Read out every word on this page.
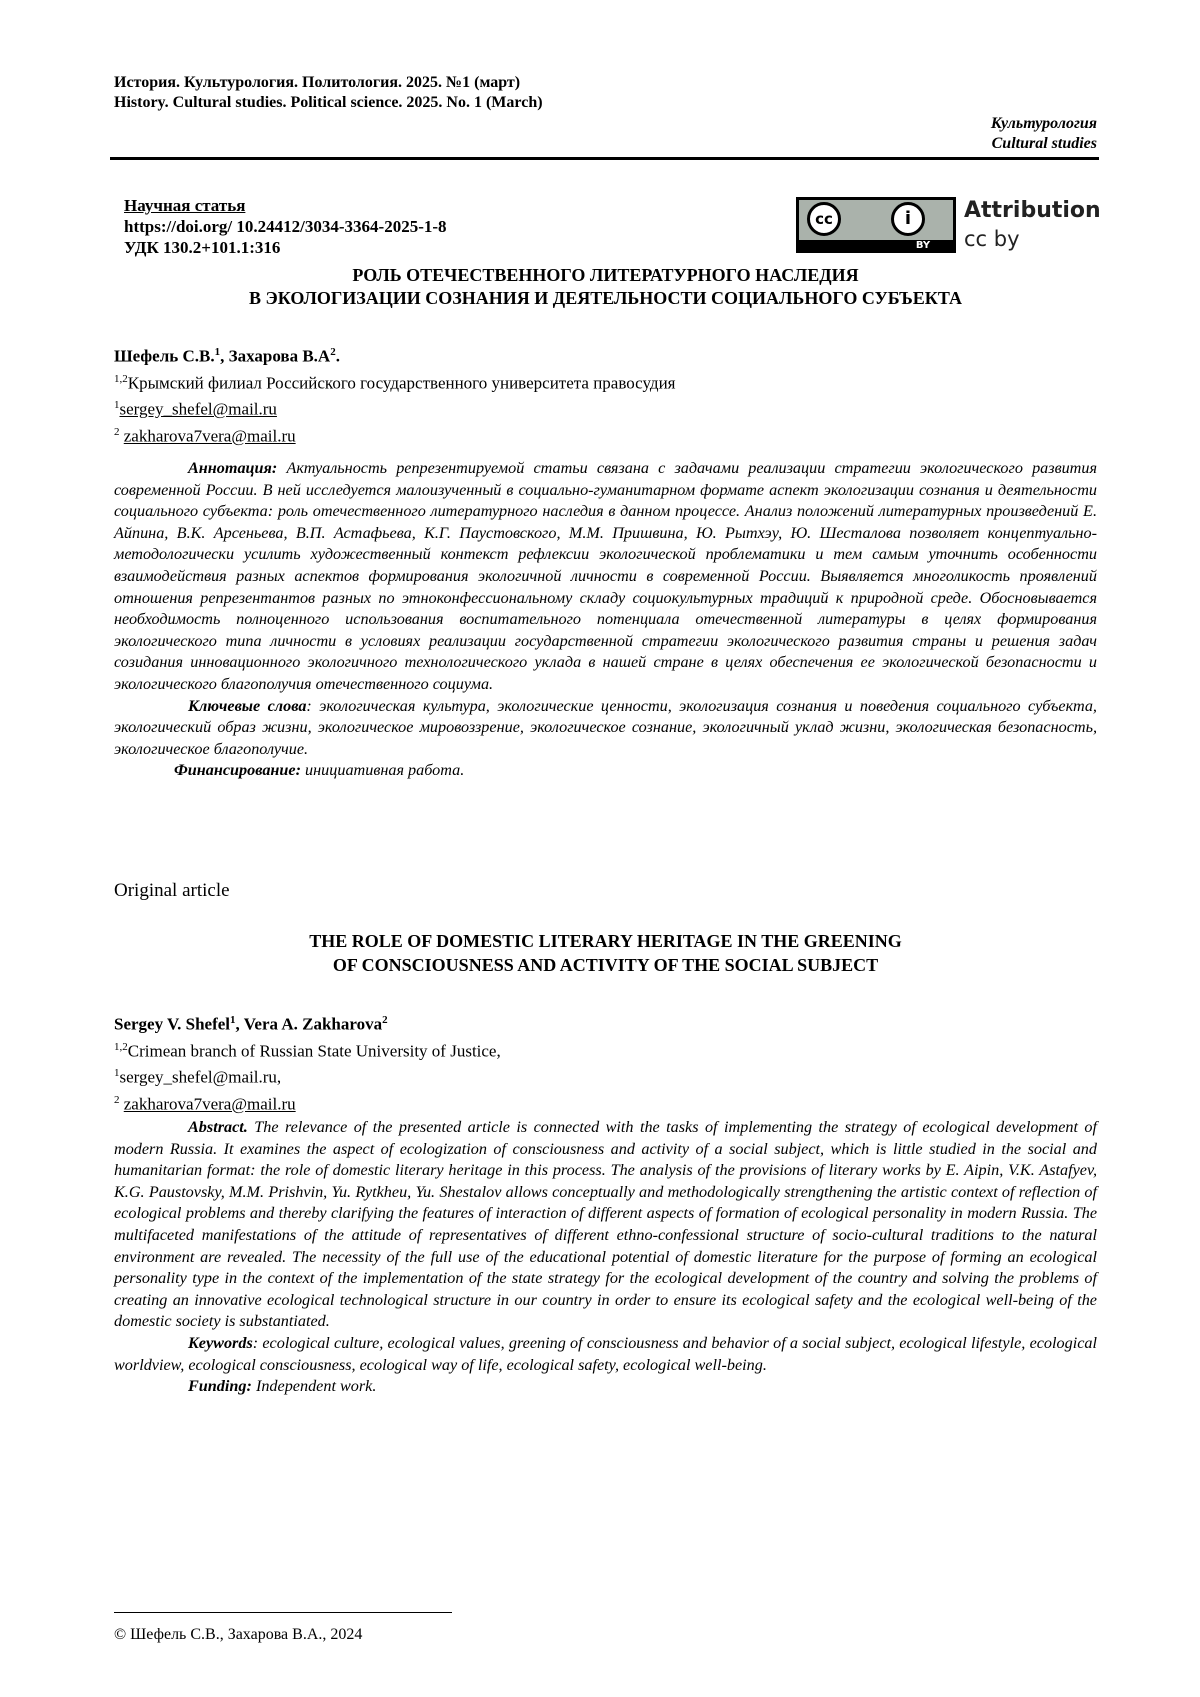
История. Культурология. Политология. 2025. №1 (март)
History. Cultural studies. Political science. 2025. No. 1 (March)
Культурология
Cultural studies
Научная статья
https://doi.org/ 10.24412/3034-3364-2025-1-8
УДК 130.2+101.1:316
cc	i
BY
Attribution
cc by
РОЛЬ ОТЕЧЕСТВЕННОГО ЛИТЕРАТУРНОГО НАСЛЕДИЯ
В ЭКОЛОГИЗАЦИИ СОЗНАНИЯ И ДЕЯТЕЛЬНОСТИ СОЦИАЛЬНОГО СУБЪЕКТА
Шефель С.В.$^1$, Захарова $В.А^2$.
$^{1,2}$Крымский филиал Российского государственного университета правосудия
$^1$sergey_shefel@mail.ru
$^2$ zakharova7vera@mail.ru

Аннотация: Актуальность репрезентируемой статьи связана с задачами реализации стратегии экологического развития современной России. В ней исследуется малоизученный в социально-гуманитарном формате аспект экологизации сознания и деятельности социального субъекта: роль отечественного литературного наследия в данном процессе. Анализ положений литературных произведений Е. Айпина, В.К. Арсеньева, В.П. Астафьева, К.Г. Паустовского, М.М. Пришвина, Ю. Рытхэу, Ю. Шесталова позволяет концептуально-методологически усилить художественный контекст рефлексии экологической проблематики и тем самым уточнить особенности взаимодействия разных аспектов формирования экологичной личности в современной России. Выявляется многоликость проявлений отношения репрезентантов разных по этноконфессиональному складу социокультурных традиций к природной среде. Обосновывается необходимость полноценного использования воспитательного потенциала отечественной литературы в целях формирования экологического типа личности в условиях реализации государственной стратегии экологического развития страны и решения задач созидания инновационного экологичного технологического уклада в нашей стране в целях обеспечения ее экологической безопасности и экологического благополучия отечественного социума.

Ключевые слова: экологическая культура, экологические ценности, экологизация сознания и поведения социального субъекта, экологический образ жизни, экологическое мировоззрение, экологическое сознание, экологичный уклад жизни, экологическая безопасность, экологическое благополучие.

Финансирование: инициативная работа.

Original article
THE ROLE OF DOMESTIC LITERARY HERITAGE IN THE GREENING
OF CONSCIOUSNESS AND ACTIVITY OF THE SOCIAL SUBJECT
Sergey V. Shefel$^1$, Vera A. Zakharova$^2$
$^{1,2}$Crimean branch of Russian State University of Justice,
$^1$sergey_shefel@mail.ru,
$^2$ zakharova7vera@mail.ru

Abstract. The relevance of the presented article is connected with the tasks of implementing the strategy of ecological development of modern Russia. It examines the aspect of ecologization of consciousness and activity of a social subject, which is little studied in the social and humanitarian format: the role of domestic literary heritage in this process. The analysis of the provisions of literary works by E. Aipin, V.K. Astafyev, K.G. Paustovsky, M.M. Prishvin, Yu. Rytkheu, Yu. Shestalov allows conceptually and methodologically strengthening the artistic context of reflection of ecological problems and thereby clarifying the features of interaction of different aspects of formation of ecological personality in modern Russia. The multifaceted manifestations of the attitude of representatives of different ethno-confessional structure of socio-cultural traditions to the natural environment are revealed. The necessity of the full use of the educational potential of domestic literature for the purpose of forming an ecological personality type in the context of the implementation of the state strategy for the ecological development of the country and solving the problems of creating an innovative ecological technological structure in our country in order to ensure its ecological safety and the ecological well-being of the domestic society is substantiated.

Keywords: ecological culture, ecological values, greening of consciousness and behavior of a social subject, ecological lifestyle, ecological worldview, ecological consciousness, ecological way of life, ecological safety, ecological well-being.

Funding: Independent work.

© Шефель С.В., Захарова В.А., 2024
